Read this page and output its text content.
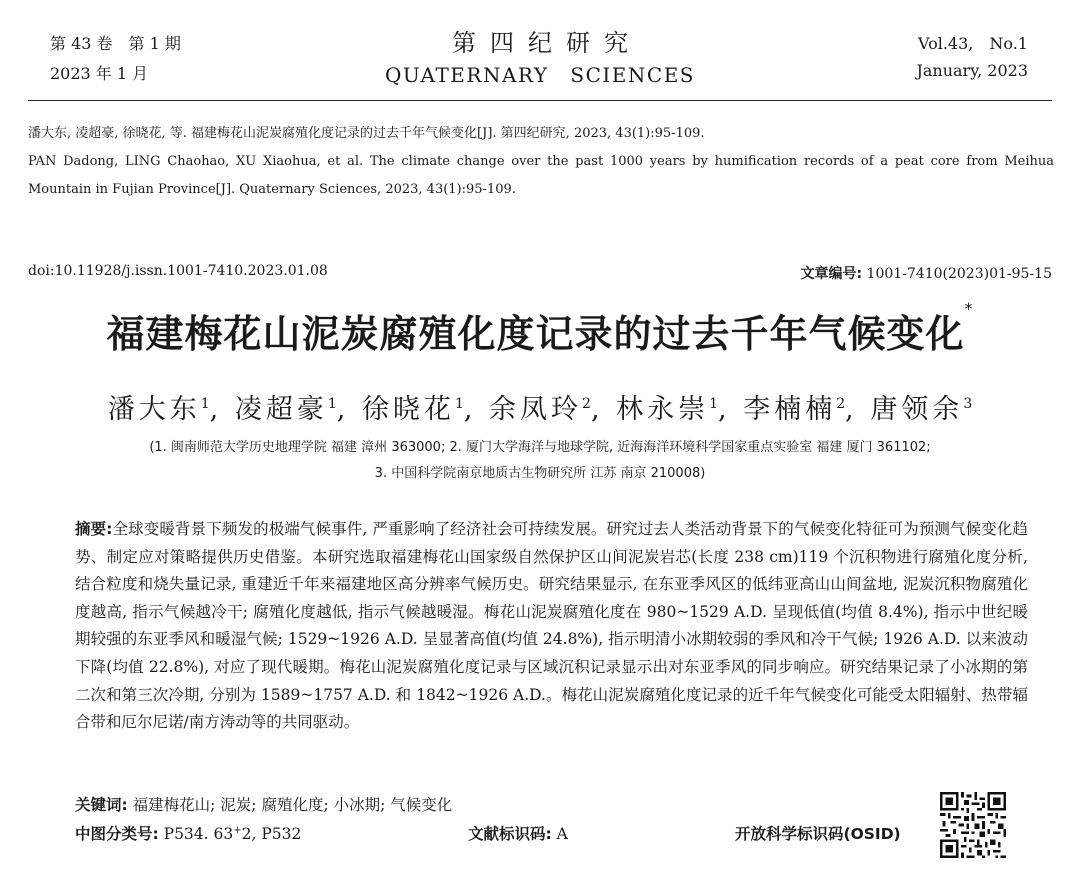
第 43 卷　第 1 期
2023 年 1 月
第四纪研究
QUATERNARY SCIENCES
Vol.43,　No.1
January, 2023
潘大东, 凌超豪, 徐晓花, 等. 福建梅花山泥炭腐殖化度记录的过去千年气候变化[J]. 第四纪研究, 2023, 43(1):95-109.
PAN Dadong, LING Chaohao, XU Xiaohua, et al. The climate change over the past 1000 years by humification records of a peat core from Meihua
Mountain in Fujian Province[J]. Quaternary Sciences, 2023, 43(1):95-109.
doi:10.11928/j.issn.1001-7410.2023.01.08	文章编号: 1001-7410(2023)01-95-15
福建梅花山泥炭腐殖化度记录的过去千年气候变化*
潘大东$^1$, 凌超豪$^1$, 徐晓花$^1$, 余凤玲$^2$, 林永崇$^1$, 李楠楠$^2$, 唐领余$^3$
(1. 闽南师范大学历史地理学院 福建 漳州 363000; 2. 厦门大学海洋与地球学院, 近海海洋环境科学国家重点实验室 福建 厦门 361102;
3. 中国科学院南京地质古生物研究所 江苏 南京 210008)
摘要:全球变暖背景下频发的极端气候事件, 严重影响了经济社会可持续发展。研究过去人类活动背景下的气候变化特征可为预测气候变化趋势、制定应对策略提供历史借鉴。本研究选取福建梅花山国家级自然保护区山间泥炭岩芯(长度 238 cm)119 个沉积物进行腐殖化度分析, 结合粒度和烧失量记录, 重建近千年来福建地区高分辨率气候历史。研究结果显示, 在东亚季风区的低纬亚高山山间盆地, 泥炭沉积物腐殖化度越高, 指示气候越冷干; 腐殖化度越低, 指示气候越暖湿。梅花山泥炭腐殖化度在 980~1529 A.D. 呈现低值(均值 8.4%), 指示中世纪暖期较强的东亚季风和暖湿气候; 1529~1926 A.D. 呈显著高值(均值 24.8%), 指示明清小冰期较弱的季风和冷干气候; 1926 A.D. 以来波动下降(均值 22.8%), 对应了现代暖期。梅花山泥炭腐殖化度记录与区域沉积记录显示出对东亚季风的同步响应。研究结果记录了小冰期的第二次和第三次冷期, 分别为 1589~1757 A.D. 和 1842~1926 A.D.。梅花山泥炭腐殖化度记录的近千年气候变化可能受太阳辐射、热带辐合带和厄尔尼诺/南方涛动等的共同驱动。
关键词: 福建梅花山; 泥炭; 腐殖化度; 小冰期; 气候变化
中图分类号: P534. 63+2, P532	文献标识码: A	开放科学标识码(OSID)
